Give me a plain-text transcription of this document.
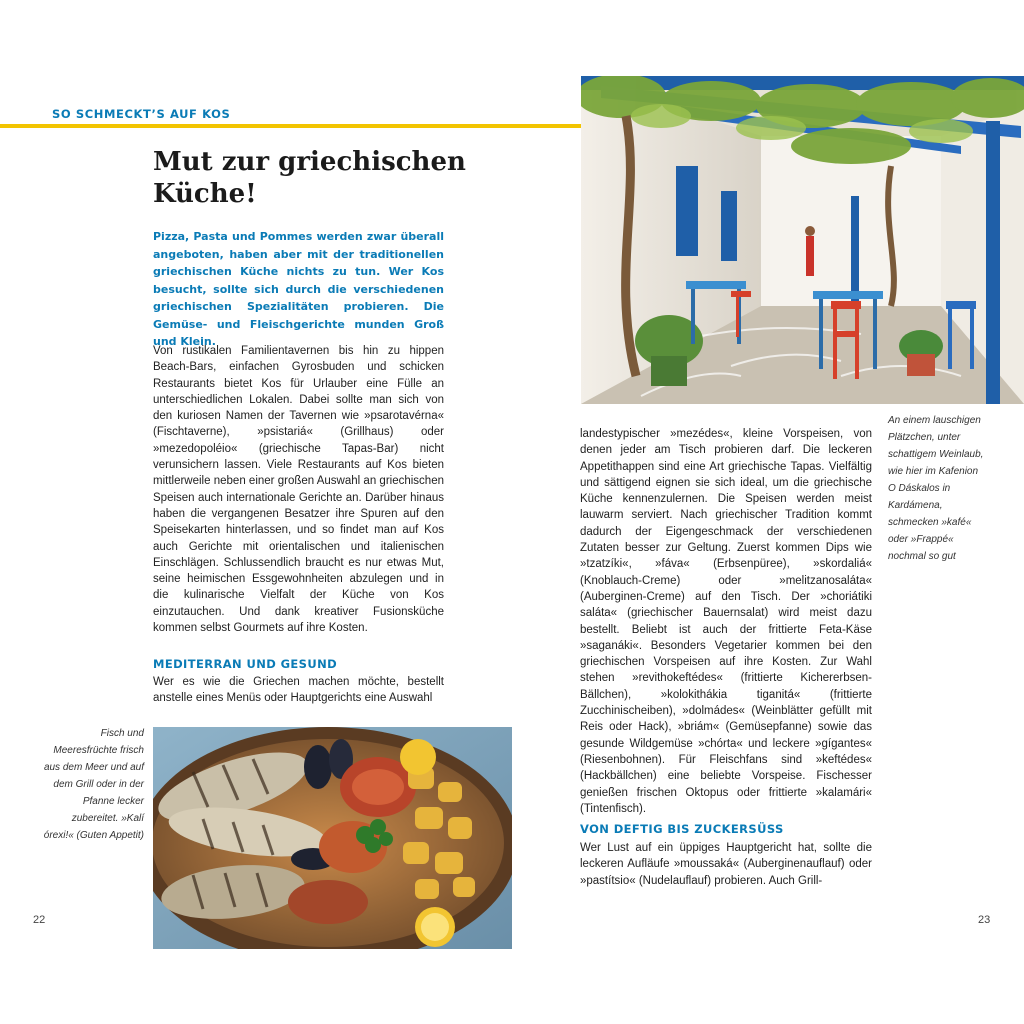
SO SCHMECKT’S AUF KOS
Mut zur griechischen
Küche!
Pizza, Pasta und Pommes werden zwar überall angeboten, haben aber mit der traditionellen griechischen Küche nichts zu tun. Wer Kos besucht, sollte sich durch die verschiedenen griechischen Spezialitäten probieren. Die Gemüse- und Fleischgerichte munden Groß und Klein.
Von rustikalen Familientavernen bis hin zu hippen Beach-Bars, einfachen Gyrosbuden und schicken Restaurants bietet Kos für Urlauber eine Fülle an unterschiedlichen Lokalen. Dabei sollte man sich von den kuriosen Namen der Tavernen wie »psarotavérna« (Fischtaverne), »psistariá« (Grillhaus) oder »mezedopoléio« (griechische Tapas-Bar) nicht verunsichern lassen. Viele Restaurants auf Kos bieten mittlerweile neben einer großen Auswahl an griechischen Speisen auch internationale Gerichte an. Darüber hinaus haben die vergangenen Besatzer ihre Spuren auf den Speisekarten hinterlassen, und so findet man auf Kos auch Gerichte mit orientalischen und italienischen Einschlägen. Schlussendlich braucht es nur etwas Mut, seine heimischen Essgewohnheiten abzulegen und in die kulinarische Vielfalt der Küche von Kos einzutauchen. Und dank kreativer Fusionsküche kommen selbst Gourmets auf ihre Kosten.
MEDITERRAN UND GESUND
Wer es wie die Griechen machen möchte, bestellt anstelle eines Menüs oder Hauptgerichts eine Auswahl
Fisch und Meeresfrüchte frisch aus dem Meer und auf dem Grill oder in der Pfanne lecker zubereitet. »Kalí órexi!« (Guten Appetit)
landestypischer »mezédes«, kleine Vorspeisen, von denen jeder am Tisch probieren darf. Die leckeren Appetithappen sind eine Art griechische Tapas. Vielfältig und sättigend eignen sie sich ideal, um die griechische Küche kennenzulernen. Die Speisen werden meist lauwarm serviert. Nach griechischer Tradition kommt dadurch der Eigengeschmack der verschiedenen Zutaten besser zur Geltung. Zuerst kommen Dips wie »tzatzíki«, »fáva« (Erbsenpüree), »skordaliá« (Knoblauch-Creme) oder »melitzanosaláta« (Auberginen-Creme) auf den Tisch. Der »choriátiki saláta« (griechischer Bauernsalat) wird meist dazu bestellt. Beliebt ist auch der frittierte Feta-Käse »saganáki«. Besonders Vegetarier kommen bei den griechischen Vorspeisen auf ihre Kosten. Zur Wahl stehen »revithokeftédes« (frittierte Kichererbsen-Bällchen), »kolokithákia tiganitá« (frittierte Zucchinischeiben), »dolmádes« (Weinblätter gefüllt mit Reis oder Hack), »briám« (Gemüsepfanne) sowie das gesunde Wildgemüse »chórta« und leckere »gígantes« (Riesenbohnen). Für Fleischfans sind »keftédes« (Hackbällchen) eine beliebte Vorspeise. Fischesser genießen frischen Oktopus oder frittierte »kalamári« (Tintenfisch).
An einem lauschigen Plätzchen, unter schattigem Weinlaub, wie hier im Kafenion O Dáskalos in Kardámena, schmecken »kafé« oder »Frappé« nochmal so gut
VON DEFTIG BIS ZUCKERSÜSS
Wer Lust auf ein üppiges Hauptgericht hat, sollte die leckeren Aufläufe »moussaká« (Auberginenauflauf) oder »pastítsio« (Nudelauflauf) probieren. Auch Grill-
22	23
